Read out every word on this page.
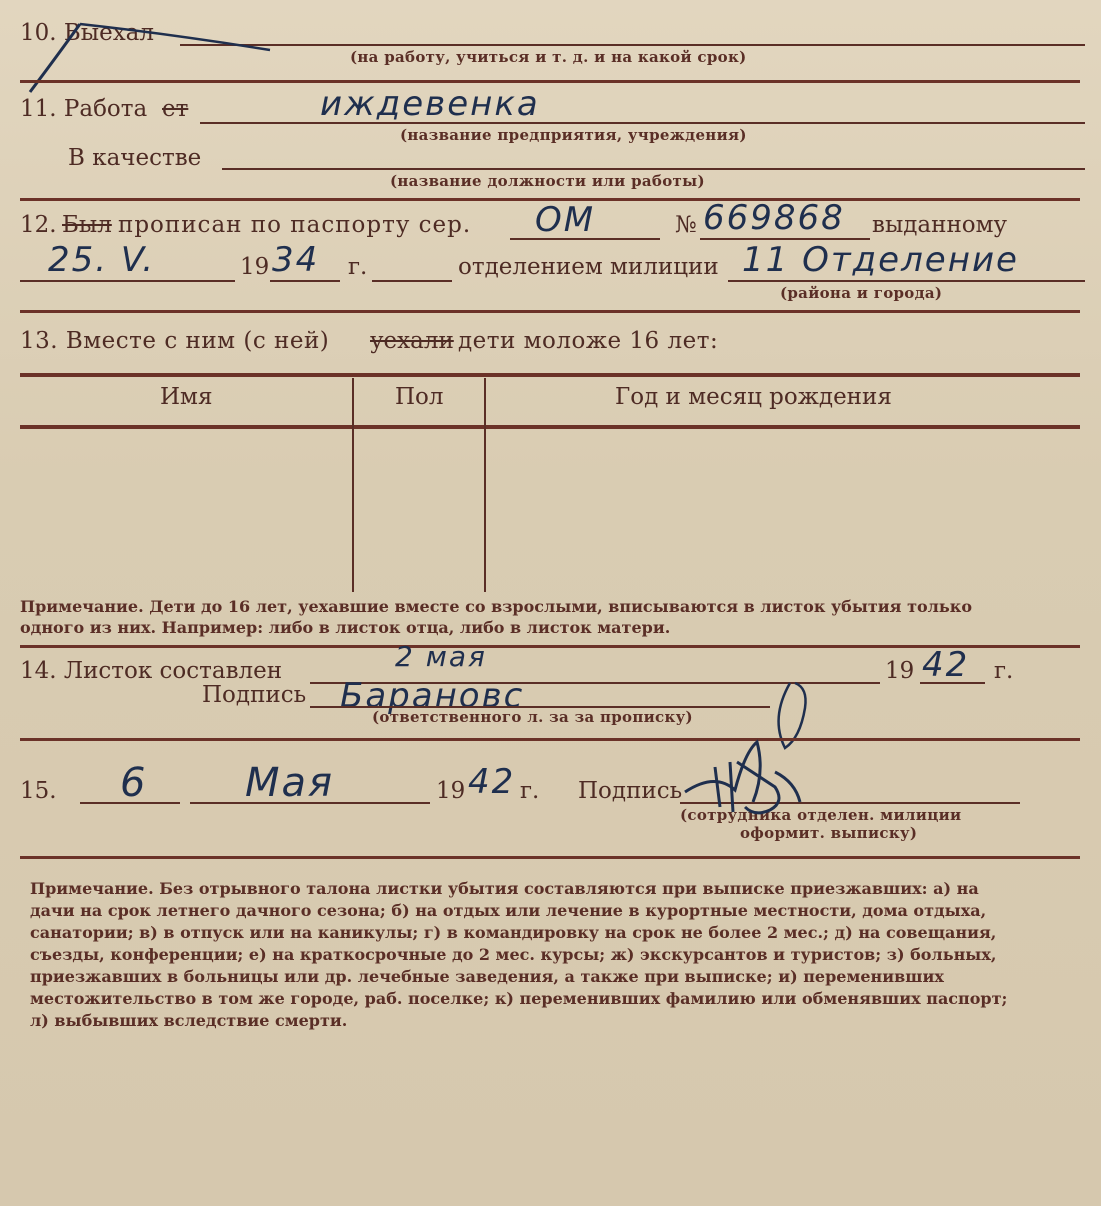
10. Выехал
(на работу, учиться и т. д. и на какой срок)
11. Работа ет	иждевенка
(название предприятия, учреждения)
В качестве
(название должности или работы)
12. Был прописан по паспорту сер. ОМ	№ 669868 выданному
25. V.	19 34 г.	отделением милиции 11 Отделение
(района и города)
13. Вместе с ним (с ней) уехали дети моложе 16 лет:
Имя	Пол	Год и месяц рождения
Примечание. Дети до 16 лет, уехавшие вместе со взрослыми, вписываются в листок убытия только одного из них. Например: либо в листок отца, либо в листок матери.
14. Листок составлен	2 мая	19 42 г.
Подпись Барановс
(ответственного л. за за прописку)
15. 6 Мая	19 42 г. Подпись
(сотрудника отделен. милиции
оформит. выписку)
Примечание. Без отрывного талона листки убытия составляются при выписке приезжавших: а) на дачи на срок летнего дачного сезона; б) на отдых или лечение в курортные местности, дома отдыха, санатории; в) в отпуск или на каникулы; г) в командировку на срок не более 2 мес.; д) на совещания, съезды, конференции; е) на краткосрочные до 2 мес. курсы; ж) экскурсантов и туристов; з) больных, приезжавших в больницы или др. лечебные заведения, а также при выписке; и) переменивших местожительство в том же городе, раб. поселке; к) переменивших фамилию или обменявших паспорт; л) выбывших вследствие смерти.
